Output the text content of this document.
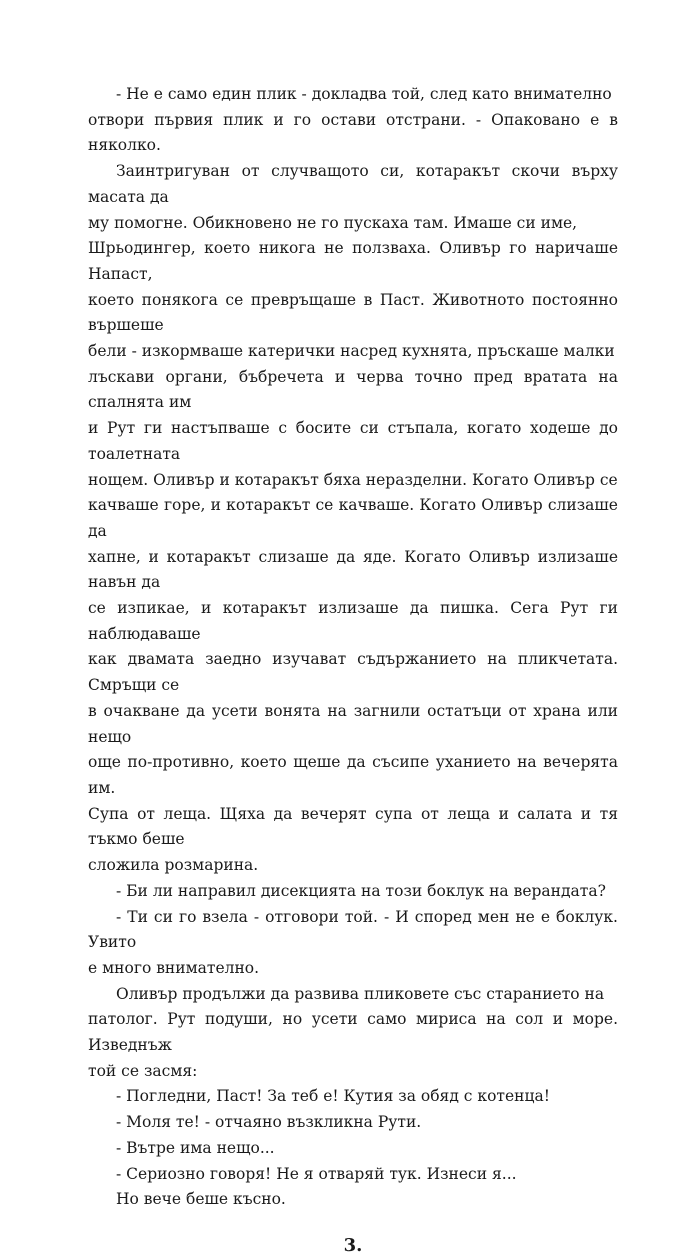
- Не е само един плик - докладва той, след като внимателно
отвори първия плик и го остави отстрани. - Опаковано е в няколко.

Заинтригуван от случващото си, котаракът скочи върху масата да
му помогне. Обикновено не го пускаха там. Имаше си име,
Шрьодингер, което никога не ползваха. Оливър го наричаше Напаст,
което понякога се превръщаше в Паст. Животното постоянно вършеше
бели - изкормваше катерички насред кухнята, пръскаше малки
лъскави органи, бъбречета и черва точно пред вратата на спалнята им
и Рут ги настъпваше с босите си стъпала, когато ходеше до тоалетната
нощем. Оливър и котаракът бяха неразделни. Когато Оливър се
качваше горе, и котаракът се качваше. Когато Оливър слизаше да
хапне, и котаракът слизаше да яде. Когато Оливър излизаше навън да
се изпикае, и котаракът излизаше да пишка. Сега Рут ги наблюдаваше
как двамата заедно изучават съдържанието на пликчетата. Смръщи се
в очакване да усети вонята на загнили остатъци от храна или нещо
още по-противно, което щеше да съсипе уханието на вечерята им.
Супа от леща. Щяха да вечерят супа от леща и салата и тя тъкмо беше
сложила розмарина.

- Би ли направил дисекцията на този боклук на верандата?

- Ти си го взела - отговори той. - И според мен не е боклук. Увито
е много внимателно.

Оливър продължи да развива пликовете със старанието на
патолог. Рут подуши, но усети само мириса на сол и море. Изведнъж
той се засмя:

- Погледни, Паст! За теб е! Кутия за обяд с котенца!

- Моля те! - отчаяно възкликна Рути.

- Вътре има нещо...

- Сериозно говоря! Не я отваряй тук. Изнеси я...

Но вече беше късно.

3.
